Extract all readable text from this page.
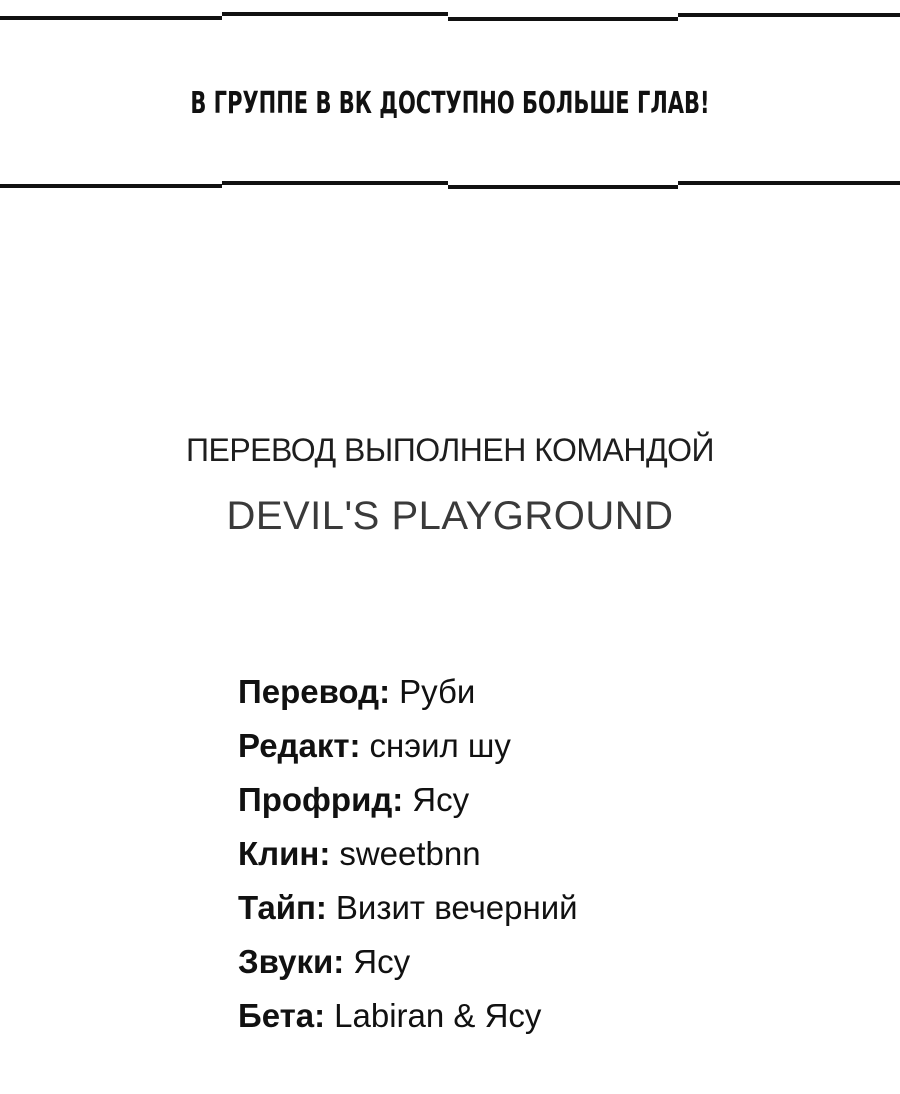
В ГРУППЕ В ВК ДОСТУПНО БОЛЬШЕ ГЛАВ!
ПЕРЕВОД ВЫПОЛНЕН КОМАНДОЙ
DEVIL'S PLAYGROUND
Перевод: Руби
Редакт: снэил шу
Профрид: Ясу
Клин: sweetbnn
Тайп: Визит вечерний
Звуки: Ясу
Бета: Labiran & Ясу
